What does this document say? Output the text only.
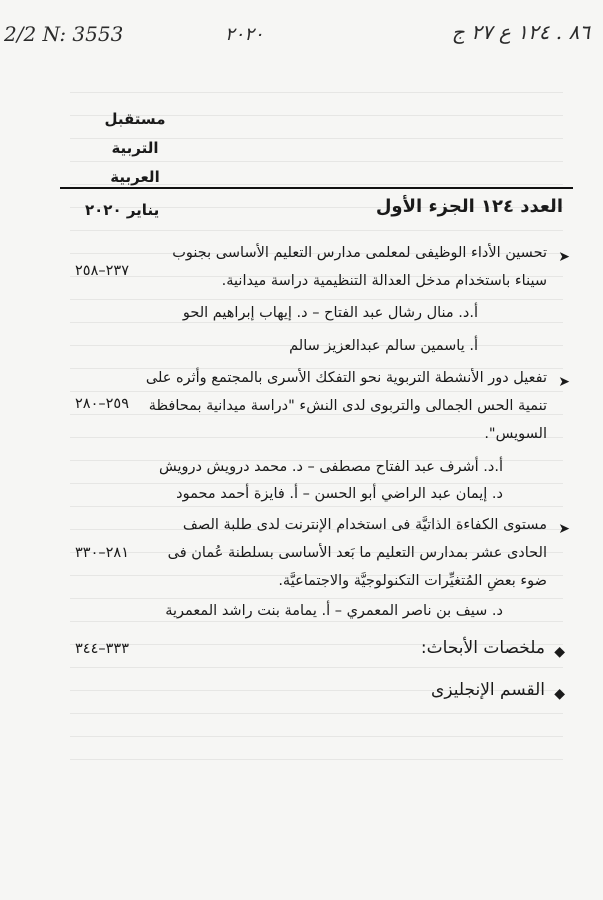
2/2 N: 3553	٢٠٢٠	٨٦ . ١٢٤ ع ٢٧ ج
مستقبل
التربية
العربية
العدد ١٢٤ الجزء الأول
يناير ٢٠٢٠
➤
تحسين الأداء الوظيفى لمعلمى مدارس التعليم الأساسى بجنوب
سيناء باستخدام مدخل العدالة التنظيمية دراسة ميدانية.
٢٣٧–٢٥٨
أ.د. منال رشال عبد الفتاح – د. إيهاب إبراهيم الحو
أ. ياسمين سالم عبدالعزيز سالم
➤
تفعيل دور الأنشطة التربوية نحو التفكك الأسرى بالمجتمع وأثره على
تنمية الحس الجمالى والتربوى لدى النشء "دراسة ميدانية بمحافظة
السويس".
٢٥٩–٢٨٠
أ.د. أشرف عبد الفتاح مصطفى – د. محمد درويش درويش
د. إيمان عبد الراضي أبو الحسن – أ. فايزة أحمد محمود
➤
مستوى الكفاءة الذاتيَّة فى استخدام الإنترنت لدى طلبة الصف
الحادى عشر بمدارس التعليم ما بَعد الأساسى بسلطنة عُمان فى
ضوء بعضِ المُتغيِّرات التكنولوجيَّة والاجتماعيَّة.
٢٨١–٣٣٠
د. سيف بن ناصر المعمري – أ. يمامة بنت راشد المعمرية
◆
ملخصات الأبحاث:
٣٣٣–٣٤٤
◆
القسم الإنجليزى
